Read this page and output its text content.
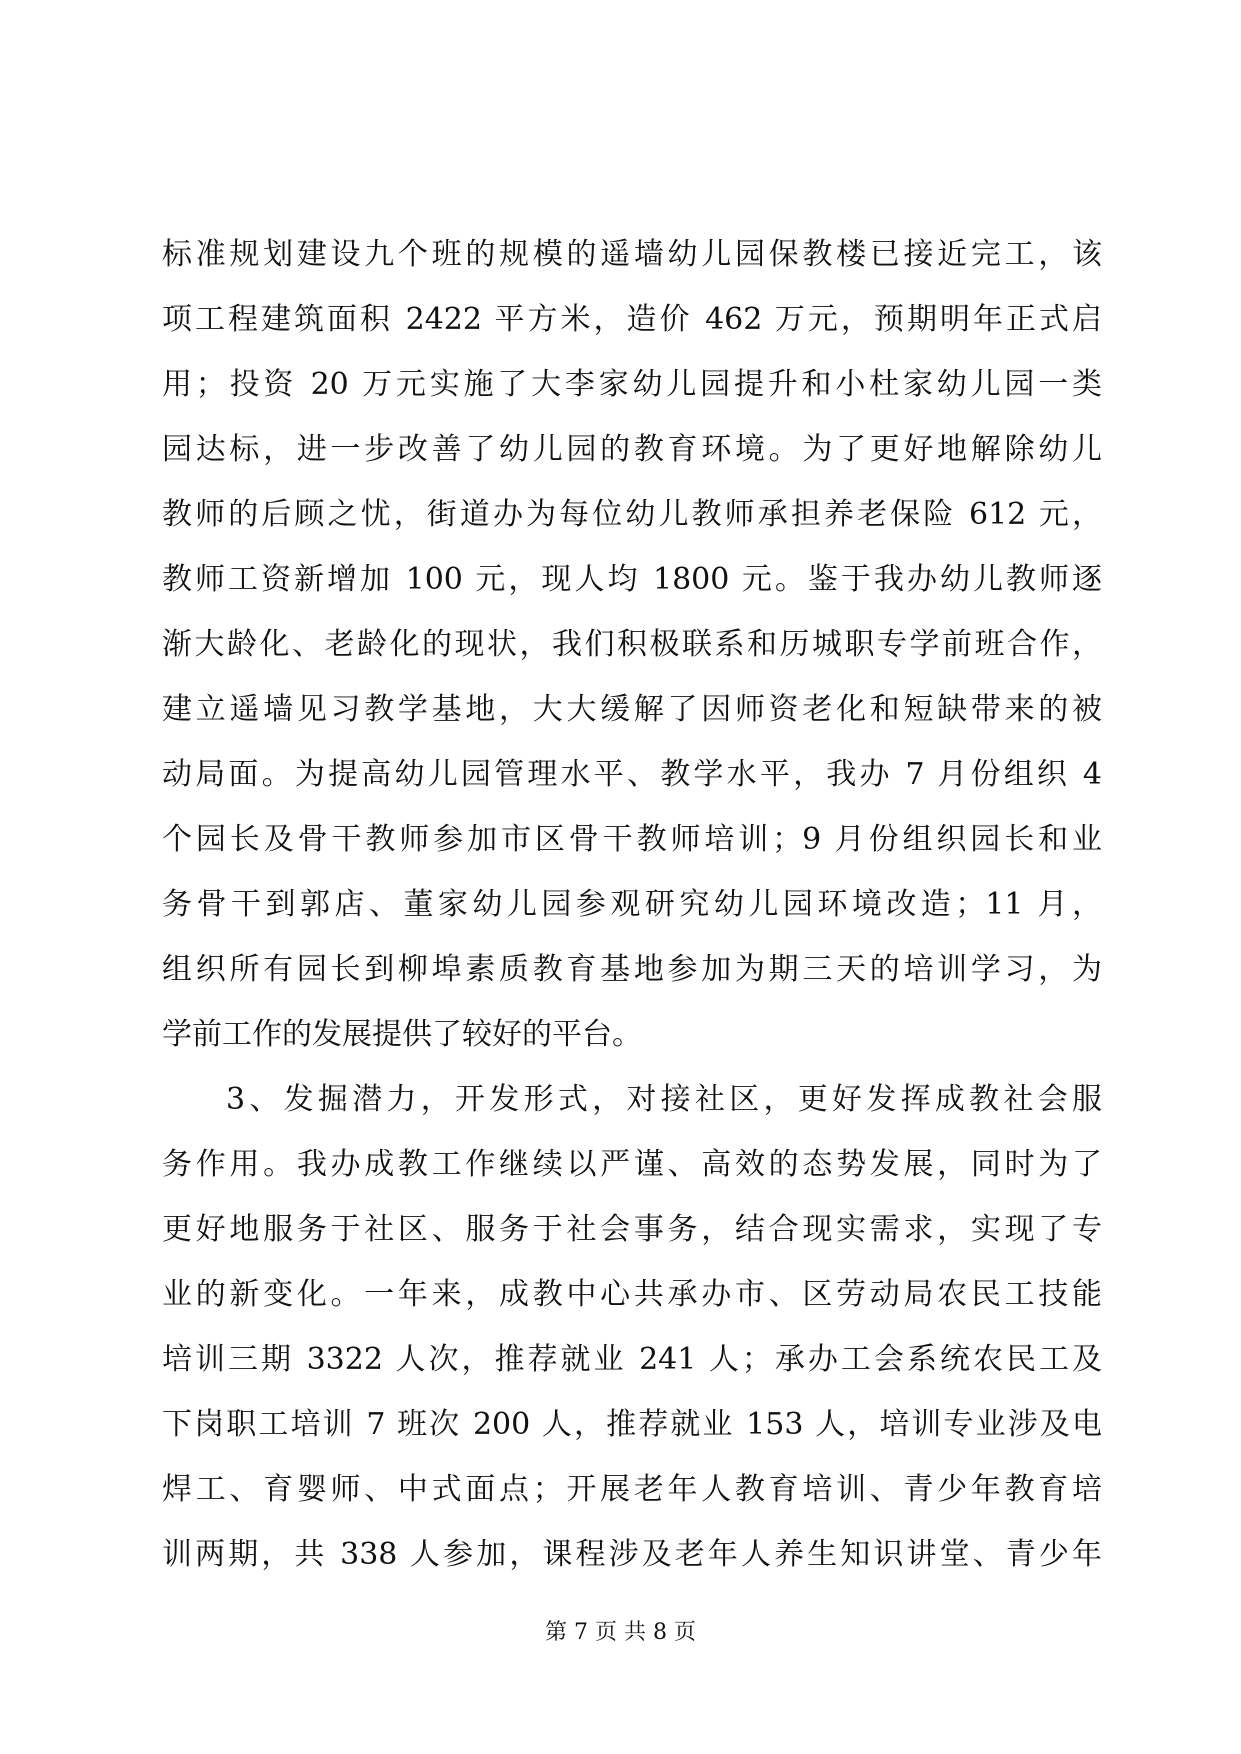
标准规划建设九个班的规模的遥墙幼儿园保教楼已接近完工，该
项工程建筑面积 2422 平方米，造价 462 万元，预期明年正式启
用；投资 20 万元实施了大李家幼儿园提升和小杜家幼儿园一类
园达标，进一步改善了幼儿园的教育环境。为了更好地解除幼儿
教师的后顾之忧，街道办为每位幼儿教师承担养老保险 612 元，
教师工资新增加 100 元，现人均 1800 元。鉴于我办幼儿教师逐
渐大龄化、老龄化的现状，我们积极联系和历城职专学前班合作，
建立遥墙见习教学基地，大大缓解了因师资老化和短缺带来的被
动局面。为提高幼儿园管理水平、教学水平，我办 7 月份组织 4
个园长及骨干教师参加市区骨干教师培训；9 月份组织园长和业
务骨干到郭店、董家幼儿园参观研究幼儿园环境改造；11 月，
组织所有园长到柳埠素质教育基地参加为期三天的培训学习，为
学前工作的发展提供了较好的平台。
3、发掘潜力，开发形式，对接社区，更好发挥成教社会服
务作用。我办成教工作继续以严谨、高效的态势发展，同时为了
更好地服务于社区、服务于社会事务，结合现实需求，实现了专
业的新变化。一年来，成教中心共承办市、区劳动局农民工技能
培训三期 3322 人次，推荐就业 241 人；承办工会系统农民工及
下岗职工培训 7 班次 200 人，推荐就业 153 人，培训专业涉及电
焊工、育婴师、中式面点；开展老年人教育培训、青少年教育培
训两期，共 338 人参加，课程涉及老年人养生知识讲堂、青少年
第 7 页 共 8 页
